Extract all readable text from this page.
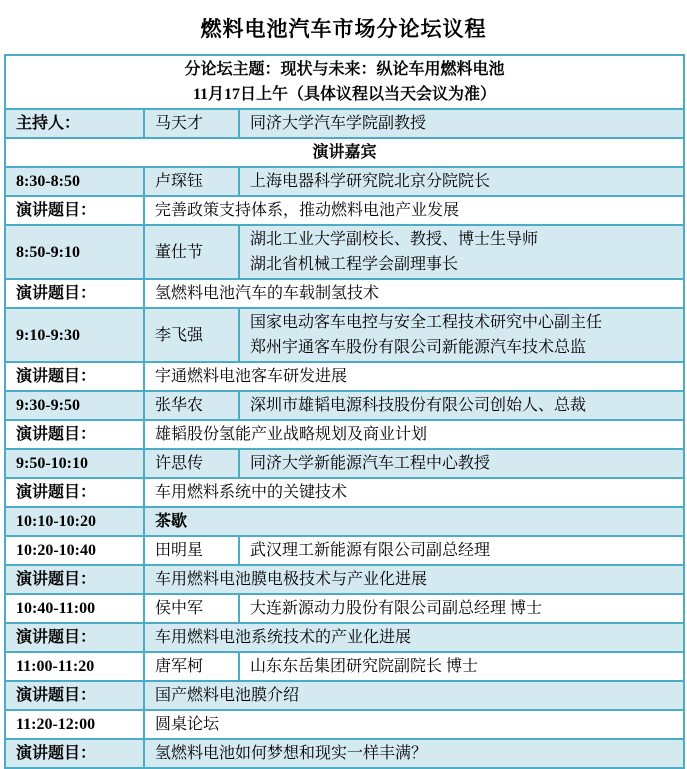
燃料电池汽车市场分论坛议程
分论坛主题：现状与未来：纵论车用燃料电池
11月17日上午（具体议程以当天会议为准）		

主持人：	马天才	同济大学汽车学院副教授

演讲嘉宾		
8:30-8:50	卢琛钰	上海电器科学研究院北京分院院长

演讲题目：	完善政策支持体系，推动燃料电池产业发展	
8:50-9:10	董仕节	湖北工业大学副校长、教授、博士生导师
湖北省机械工程学会副理事长

演讲题目：	氢燃料电池汽车的车载制氢技术	
9:10-9:30	李飞强	国家电动客车电控与安全工程技术研究中心副主任
郑州宇通客车股份有限公司新能源汽车技术总监

演讲题目：	宇通燃料电池客车研发进展	
9:30-9:50	张华农	深圳市雄韬电源科技股份有限公司创始人、总裁

演讲题目：	雄韬股份氢能产业战略规划及商业计划	
9:50-10:10	许思传	同济大学新能源汽车工程中心教授

演讲题目：	车用燃料系统中的关键技术	
10:10-10:20	茶歇	
10:20-10:40	田明星	武汉理工新能源有限公司副总经理

演讲题目：	车用燃料电池膜电极技术与产业化进展	
10:40-11:00	侯中军	大连新源动力股份有限公司副总经理 博士

演讲题目：	车用燃料电池系统技术的产业化进展	
11:00-11:20	唐军柯	山东东岳集团研究院副院长 博士

演讲题目：	国产燃料电池膜介绍	
11:20-12:00	圆桌论坛	
演讲题目：	氢燃料电池如何梦想和现实一样丰满？	
